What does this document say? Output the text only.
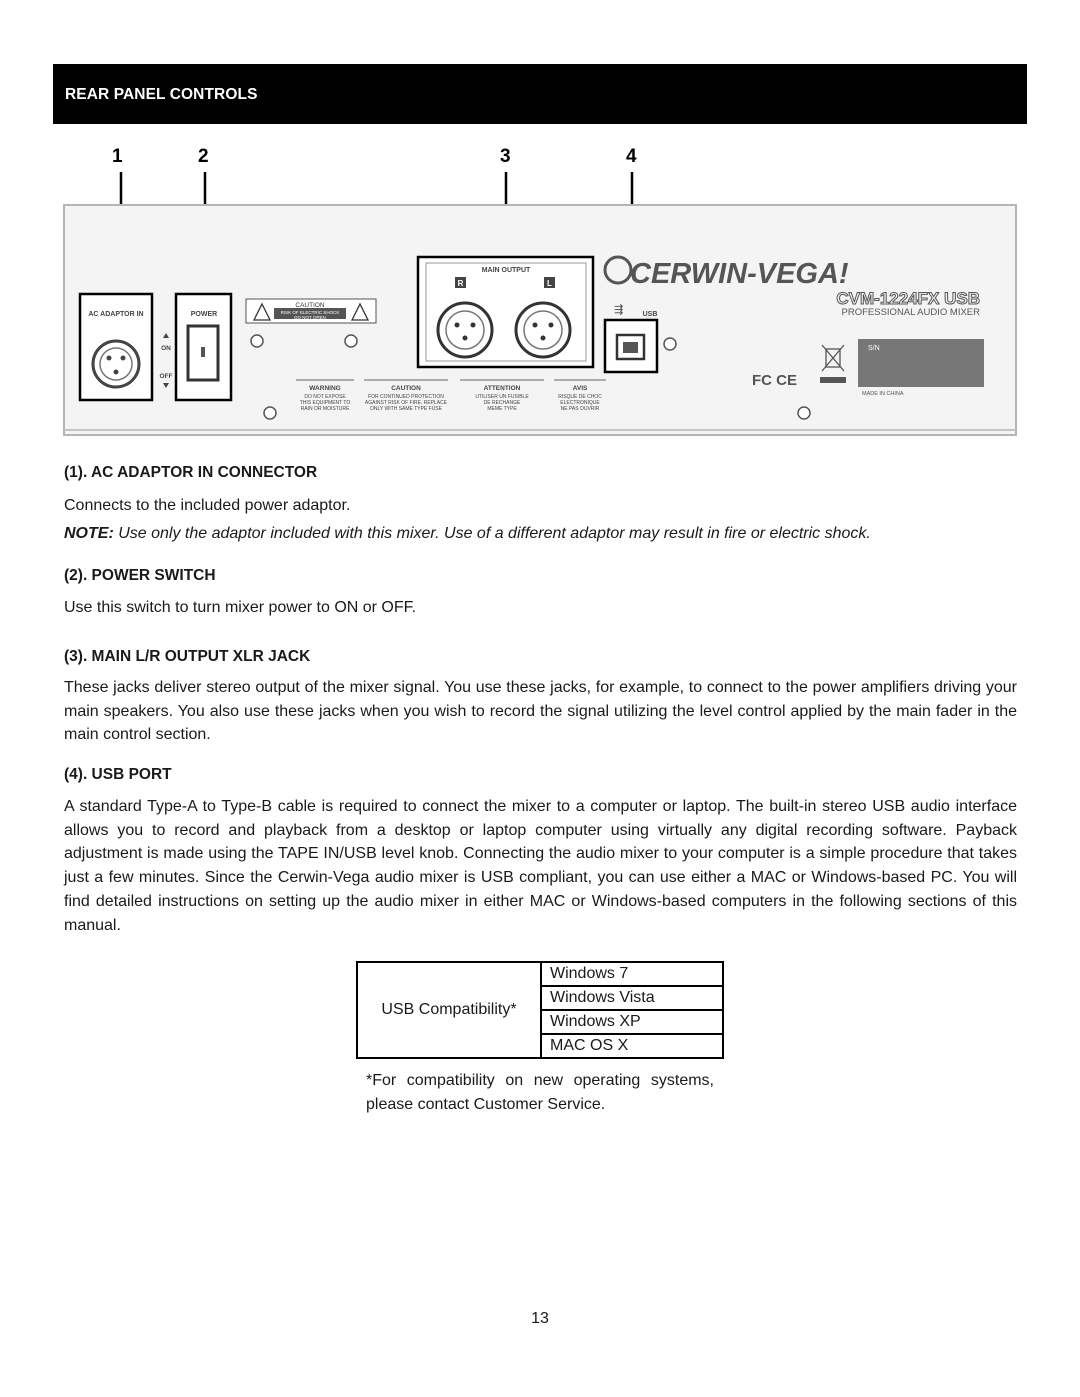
REAR PANEL CONTROLS
1	2	3	4
AC ADAPTOR IN	POWER
ON
OFF
CAUTION
RISK OF ELECTRIC SHOCK
DO NOT OPEN
MAIN OUTPUT
R	L
USB
⇶
WARNING
DO NOT EXPOSE
THIS EQUIPMENT TO
RAIN OR MOISTURE
CAUTION
FOR CONTINUED PROTECTION
AGAINST RISK OF FIRE, REPLACE
ONLY WITH SAME TYPE FUSE
ATTENTION
UTILISER UN FUSIBLE
DE RECHANGE
MEME TYPE
AVIS
RISQUE DE CHOC
ELECTRONIQUE
NE PAS OUVRIR
CERWIN-VEGA!
CVM-1224FX USB
PROFESSIONAL AUDIO MIXER
FC CE
S/N
MADE IN CHINA
(1). AC ADAPTOR IN CONNECTOR
Connects to the included power adaptor.
NOTE: Use only the adaptor included with this mixer. Use of a different adaptor may result in fire or electric shock.
(2). POWER SWITCH
Use this switch to turn mixer power to ON or OFF.
(3). MAIN L/R OUTPUT XLR JACK
These jacks deliver stereo output of the mixer signal. You use these jacks, for example, to connect to the power amplifiers driving your main speakers. You also use these jacks when you wish to record the signal utilizing the level control applied by the main fader in the main control section.
(4). USB PORT
A standard Type-A to Type-B cable is required to connect the mixer to a computer or laptop. The built-in stereo USB audio interface allows you to record and playback from a desktop or laptop computer using virtually any digital recording software. Payback adjustment is made using the TAPE IN/USB level knob. Connecting the audio mixer to your computer is a simple procedure that takes just a few minutes. Since the Cerwin-Vega audio mixer is USB compliant, you can use either a MAC or Windows-based PC. You will find detailed instructions on setting up the audio mixer in either MAC or Windows-based computers in the following sections of this manual.
USB Compatibility*	Windows 7
Windows Vista
Windows XP
MAC OS X
*For compatibility on new operating systems, please contact Customer Service.
13
